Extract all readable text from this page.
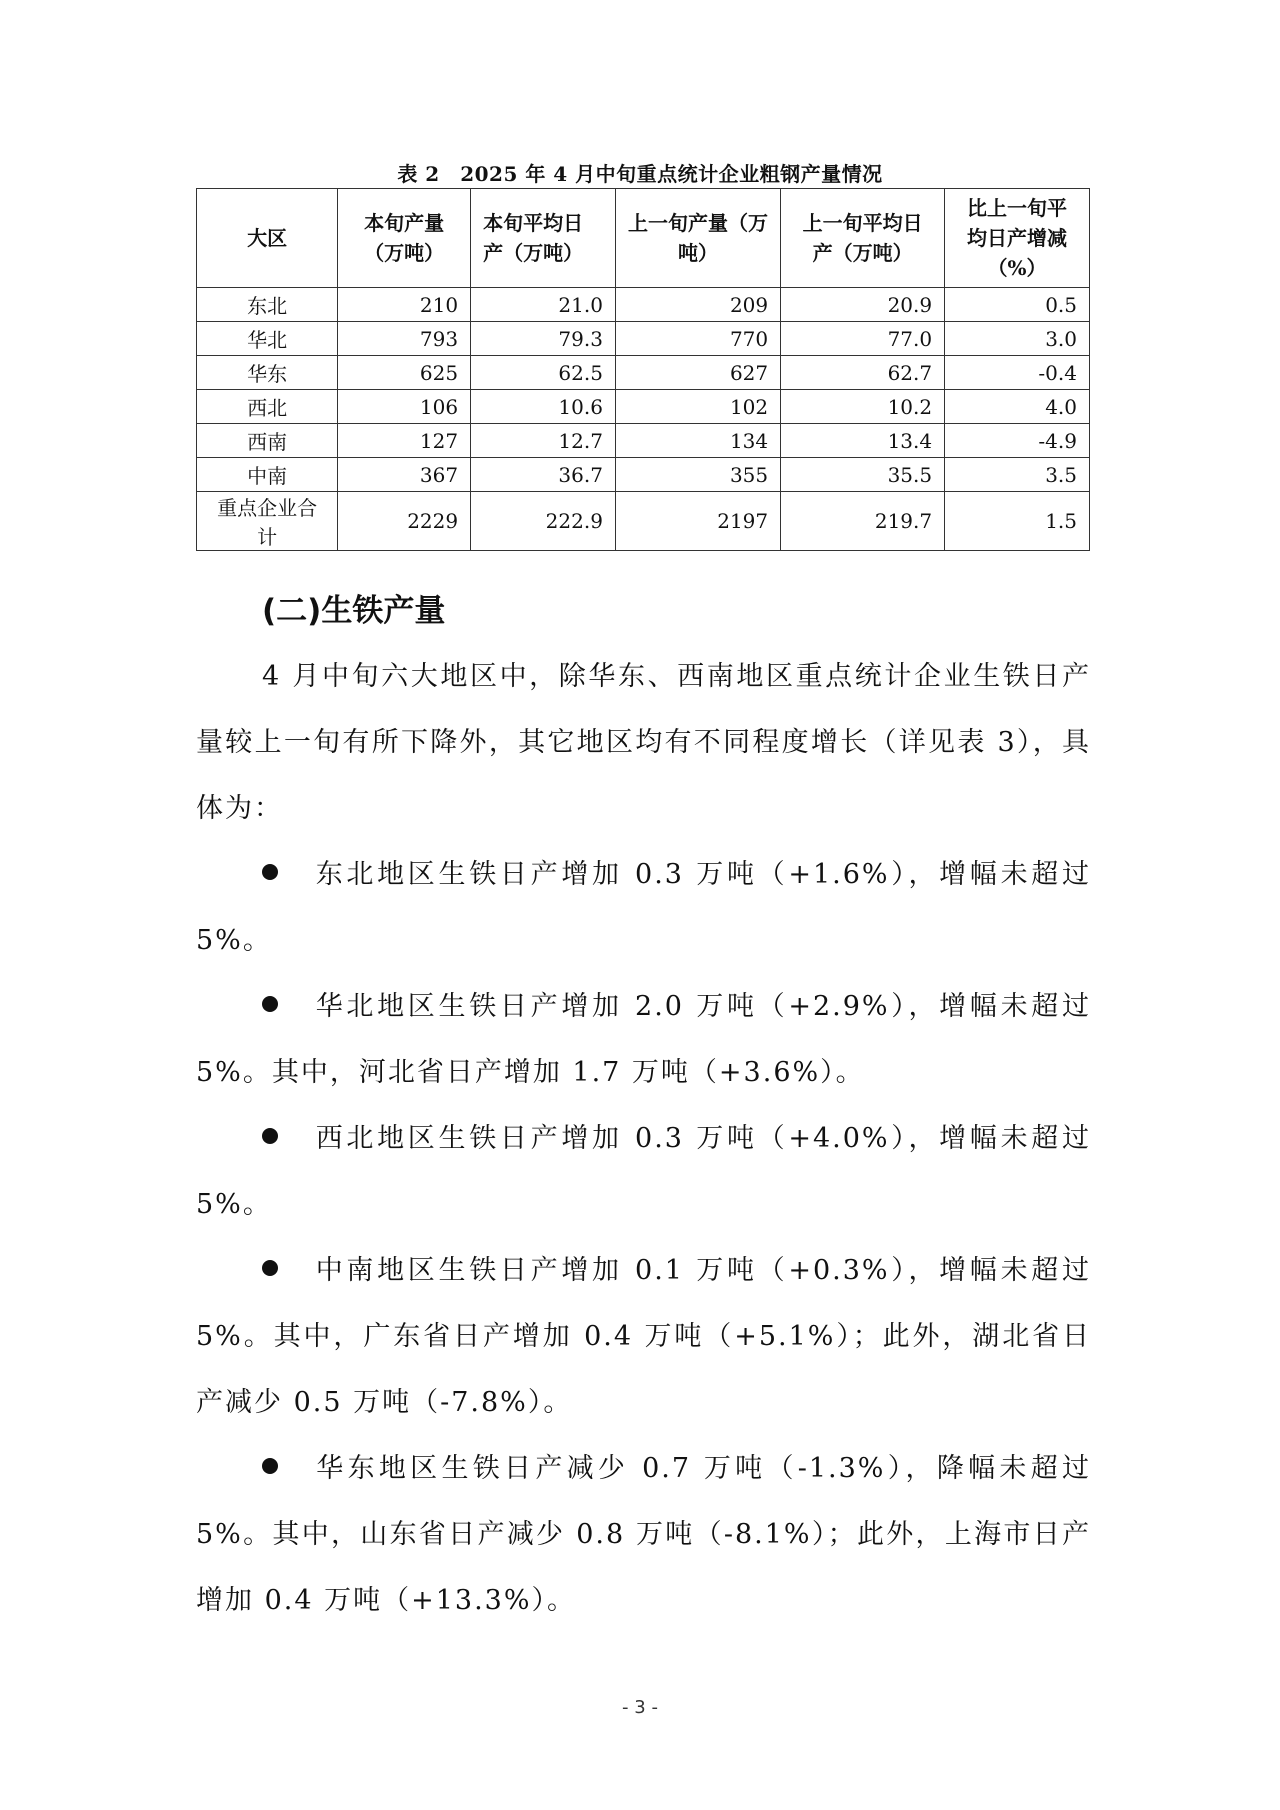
表 2　2025 年 4 月中旬重点统计企业粗钢产量情况
大区	本旬产量（万吨）	本旬平均日产（万吨）	上一旬产量（万吨）	上一旬平均日产（万吨）	比上一旬平均日产增减（%）
东北	210	21.0	209	20.9	0.5
华北	793	79.3	770	77.0	3.0
华东	625	62.5	627	62.7	-0.4
西北	106	10.6	102	10.2	4.0
西南	127	12.7	134	13.4	-4.9
中南	367	36.7	355	35.5	3.5
重点企业合计	2229	222.9	2197	219.7	1.5
(二)生铁产量

4 月中旬六大地区中，除华东、西南地区重点统计企业生铁日产量较上一旬有所下降外，其它地区均有不同程度增长（详见表 3），具体为：

东北地区生铁日产增加 0.3 万吨（+1.6%），增幅未超过 5%。

华北地区生铁日产增加 2.0 万吨（+2.9%），增幅未超过 5%。其中，河北省日产增加 1.7 万吨（+3.6%）。

西北地区生铁日产增加 0.3 万吨（+4.0%），增幅未超过 5%。

中南地区生铁日产增加 0.1 万吨（+0.3%），增幅未超过 5%。其中，广东省日产增加 0.4 万吨（+5.1%）；此外，湖北省日产减少 0.5 万吨（-7.8%）。

华东地区生铁日产减少 0.7 万吨（-1.3%），降幅未超过 5%。其中，山东省日产减少 0.8 万吨（-8.1%）；此外，上海市日产增加 0.4 万吨（+13.3%）。

- 3 -
